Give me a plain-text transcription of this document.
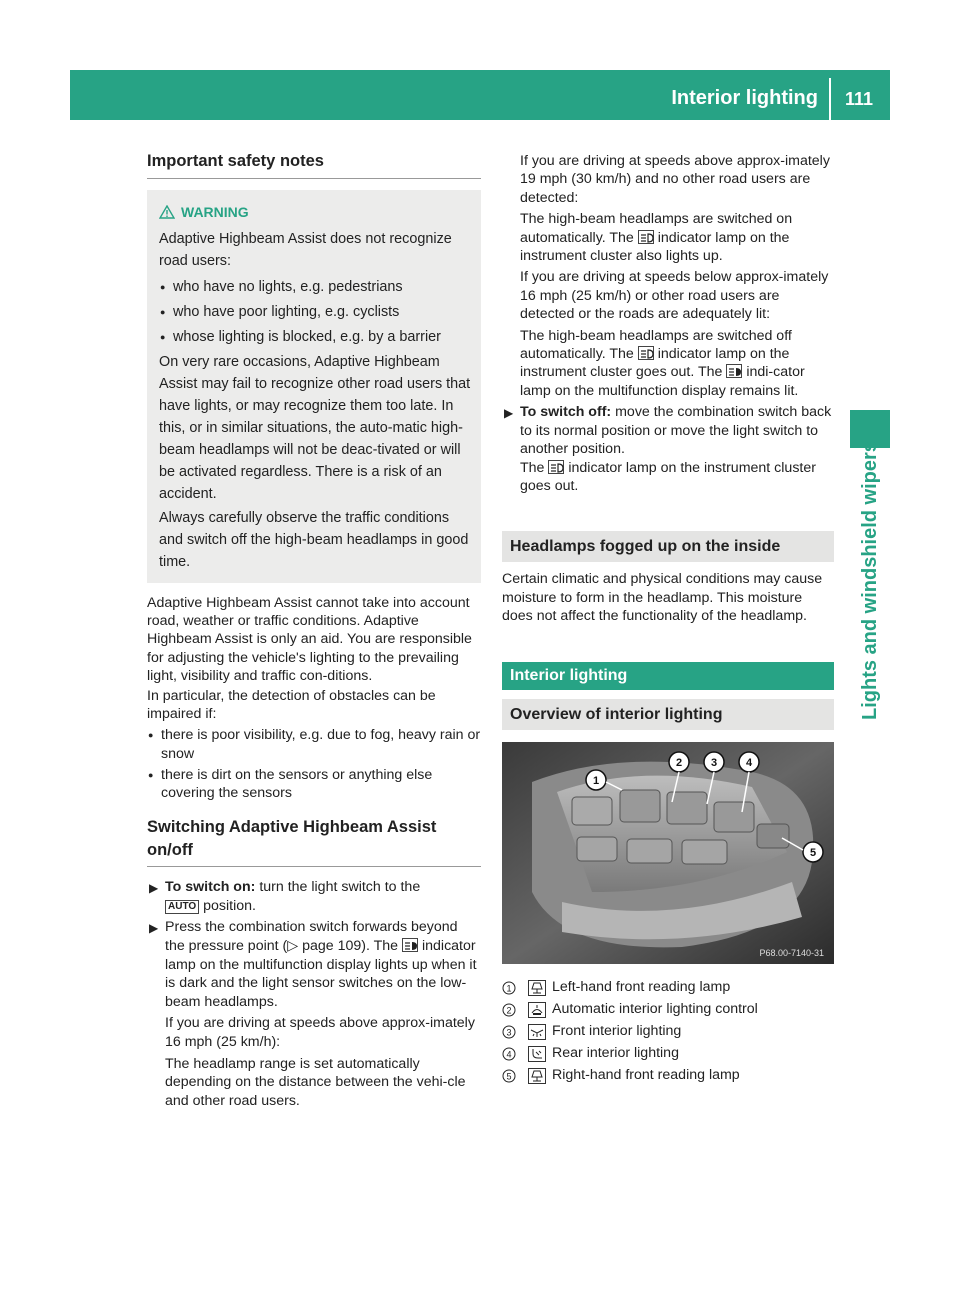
Interior lighting 111
Lights and windshield wipers
Important safety notes
WARNING
Adaptive Highbeam Assist does not recognize road users:
● who have no lights, e.g. pedestrians
● who have poor lighting, e.g. cyclists
● whose lighting is blocked, e.g. by a barrier
On very rare occasions, Adaptive Highbeam Assist may fail to recognize other road users that have lights, or may recognize them too late. In this, or in similar situations, the auto-matic high-beam headlamps will not be deac-tivated or will be activated regardless. There is a risk of an accident.
Always carefully observe the traffic conditions and switch off the high-beam headlamps in good time.
Adaptive Highbeam Assist cannot take into account road, weather or traffic conditions. Adaptive Highbeam Assist is only an aid. You are responsible for adjusting the vehicle's lighting to the prevailing light, visibility and traffic con-ditions.
In particular, the detection of obstacles can be impaired if:
● there is poor visibility, e.g. due to fog, heavy rain or snow
● there is dirt on the sensors or anything else covering the sensors
Switching Adaptive Highbeam Assist on/off
▶ To switch on: turn the light switch to the
AUTO position.
▶ Press the combination switch forwards beyond the pressure point (▷ page 109). The indicator lamp on the multifunction display lights up when it is dark and the light sensor switches on the low-beam headlamps.
If you are driving at speeds above approx-imately 16 mph (25 km/h):
The headlamp range is set automatically depending on the distance between the vehi-cle and other road users.
If you are driving at speeds above approx-imately 19 mph (30 km/h) and no other road users are detected:
The high-beam headlamps are switched on automatically. The indicator lamp on the instrument cluster also lights up.
If you are driving at speeds below approx-imately 16 mph (25 km/h) or other road users are detected or the roads are adequately lit:
The high-beam headlamps are switched off automatically. The indicator lamp on the instrument cluster goes out. The indi-cator lamp on the multifunction display remains lit.
▶ To switch off: move the combination switch back to its normal position or move the light switch to another position.
The indicator lamp on the instrument cluster goes out.
Headlamps fogged up on the inside
Certain climatic and physical conditions may cause moisture to form in the headlamp. This moisture does not affect the functionality of the headlamp.
Interior lighting
Overview of interior lighting
1
2	3	4
5
P68.00-7140-31
1	Left-hand front reading lamp
2	Automatic interior lighting control
3	Front interior lighting
4	Rear interior lighting
5	Right-hand front reading lamp
